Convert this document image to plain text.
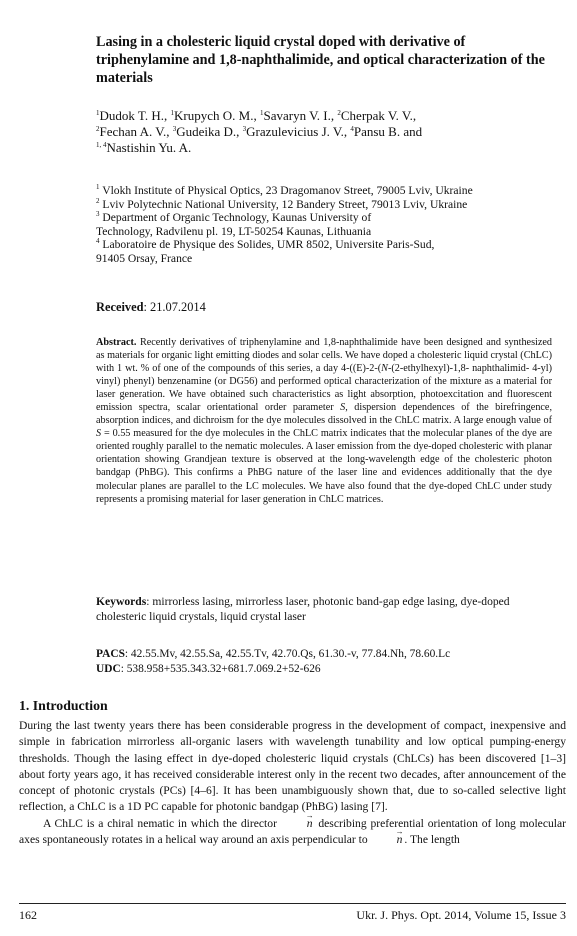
Lasing in a cholesteric liquid crystal doped with derivative of triphenylamine and 1,8-naphthalimide, and optical characterization of the materials
$^1$Dudok T. H., $^1$Krupych O. M., $^1$Savaryn V. I., $^2$Cherpak V. V.,
$^2$Fechan A. V., $^3$Gudeika D., $^3$Grazulevicius J. V., $^4$Pansu B. and
$^{1, 4}$Nastishin Yu. A.

$^1$ Vlokh Institute of Physical Optics, 23 Dragomanov Street, 79005 Lviv, Ukraine

$^2$ Lviv Polytechnic National University, 12 Bandery Street, 79013 Lviv, Ukraine

$^3$ Department of Organic Technology, Kaunas University of Technology, Radvilenu pl. 19, LT-50254 Kaunas, Lithuania

$^4$ Laboratoire de Physique des Solides, UMR 8502, Universite Paris-Sud, 91405 Orsay, France

Received: 21.07.2014

Abstract. Recently derivatives of triphenylamine and 1,8-naphthalimide have been designed and synthesized as materials for organic light emitting diodes and solar cells. We have doped a cholesteric liquid crystal (ChLC) with 1 wt. % of one of the compounds of this series, a day 4-((E)-2-(N-(2-ethylhexyl)-1,8- naphthalimid- 4-yl) vinyl) phenyl) benzenamine (or DG56) and performed optical characterization of the mixture as a material for laser generation. We have obtained such characteristics as light absorption, photoexcitation and fluorescent emission spectra, scalar orientational order parameter S, dispersion dependences of the birefringence, absorption indices, and dichroism for the dye molecules dissolved in the ChLC matrix. A large enough value of S = 0.55 measured for the dye molecules in the ChLC matrix indicates that the molecular planes of the dye are oriented roughly parallel to the nematic molecules. A laser emission from the dye-doped cholesteric with planar orientation showing Grandjean texture is observed at the long-wavelength edge of the cholesteric photon bandgap (PhBG). This confirms a PhBG nature of the laser line and evidences additionally that the dye molecular planes are parallel to the LC molecules. We have also found that the dye-doped ChLC under study represents a promising material for laser generation in ChLC matrices.

Keywords: mirrorless lasing, mirrorless laser, photonic band-gap edge lasing, dye-doped cholesteric liquid crystals, liquid crystal laser

PACS: 42.55.Mv, 42.55.Sa, 42.55.Tv, 42.70.Qs, 61.30.-v, 77.84.Nh, 78.60.Lc

UDC: 538.958+535.343.32+681.7.069.2+52-626

1. Introduction

During the last twenty years there has been considerable progress in the development of compact, inexpensive and simple in fabrication mirrorless all-organic lasers with wavelength tunability and low optical pumping-energy thresholds. Though the lasing effect in dye-doped cholesteric liquid crystals (ChLCs) has been discovered [1–3] about forty years ago, it has received considerable interest only in the recent two decades, after announcement of the concept of photonic crystals (PCs) [4–6]. It has been unambiguously shown that, due to so-called selective light reflection, a ChLC is a 1D PC capable for photonic bandgap (PhBG) lasing [7].

A ChLC is a chiral nematic in which the director → n describing preferential orientation of long molecular axes spontaneously rotates in a helical way around an axis perpendicular to → n . The length

162	Ukr. J. Phys. Opt. 2014, Volume 15, Issue 3
